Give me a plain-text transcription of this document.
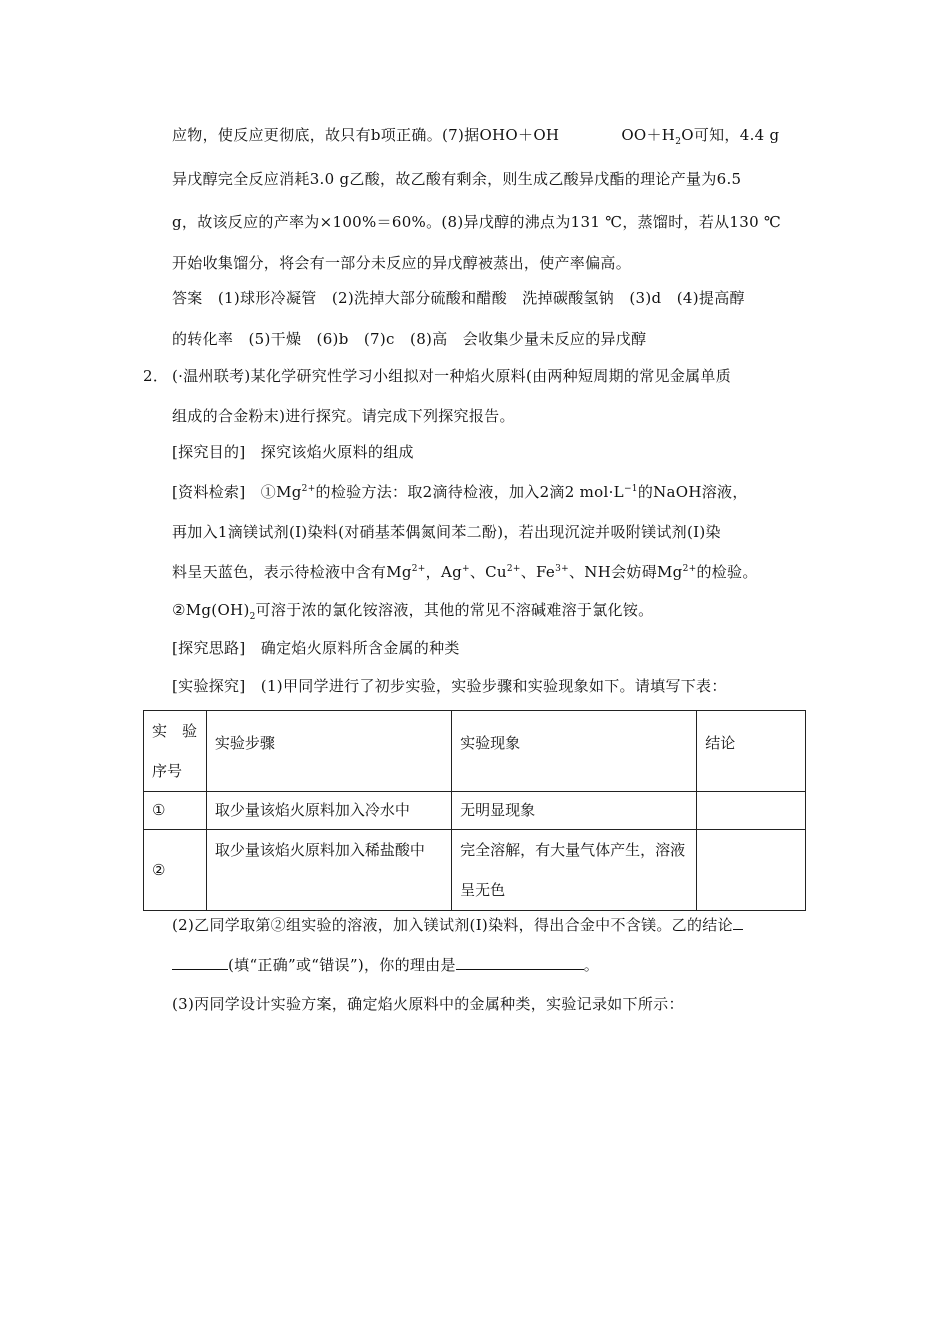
应物，使反应更彻底，故只有b项正确。(7)据OHO＋OH	$OO+H_2O$可知，4.4 g
异戊醇完全反应消耗3.0 g乙酸，故乙酸有剩余，则生成乙酸异戊酯的理论产量为6.5
g，故该反应的产率为×100%＝60%。(8)异戊醇的沸点为131 ℃，蒸馏时，若从130 ℃
开始收集馏分，将会有一部分未反应的异戊醇被蒸出，使产率偏高。
答案　(1)球形冷凝管　(2)洗掉大部分硫酸和醋酸　洗掉碳酸氢钠　(3)d　(4)提高醇
的转化率　(5)干燥　(6)b　(7)c　(8)高　会收集少量未反应的异戊醇
2． (·温州联考)某化学研究性学习小组拟对一种焰火原料(由两种短周期的常见金属单质
组成的合金粉末)进行探究。请完成下列探究报告。
[探究目的]　探究该焰火原料的组成
[资料检索]　$①Mg^{2+}$的检验方法：取2滴待检液，加入2滴2 $mol\cdot L^{-1}$的NaOH溶液，
再加入1滴镁试剂(Ⅰ)染料(对硝基苯偶氮间苯二酚)，若出现沉淀并吸附镁试剂(Ⅰ)染
料呈天蓝色，表示待检液中含有$Mg^{2+}$，Ag+、$Cu^{2+}$、$Fe^{3+}$、NH会妨碍$Mg^{2+}$的检验。
$②Mg(OH)_2$可溶于浓的氯化铵溶液，其他的常见不溶碱难溶于氯化铵。
[探究思路]　确定焰火原料所含金属的种类
[实验探究]　(1)甲同学进行了初步实验，实验步骤和实验现象如下。请填写下表：
实　验序号	实验步骤	实验现象	结论
①	取少量该焰火原料加入冷水中	无明显现象	
②	取少量该焰火原料加入稀盐酸中	完全溶解，有大量气体产生，溶液呈无色	
(2)乙同学取第②组实验的溶液，加入镁试剂(Ⅰ)染料，得出合金中不含镁。乙的结论
(填“正确”或“错误”)，你的理由是	。
(3)丙同学设计实验方案，确定焰火原料中的金属种类，实验记录如下所示：
